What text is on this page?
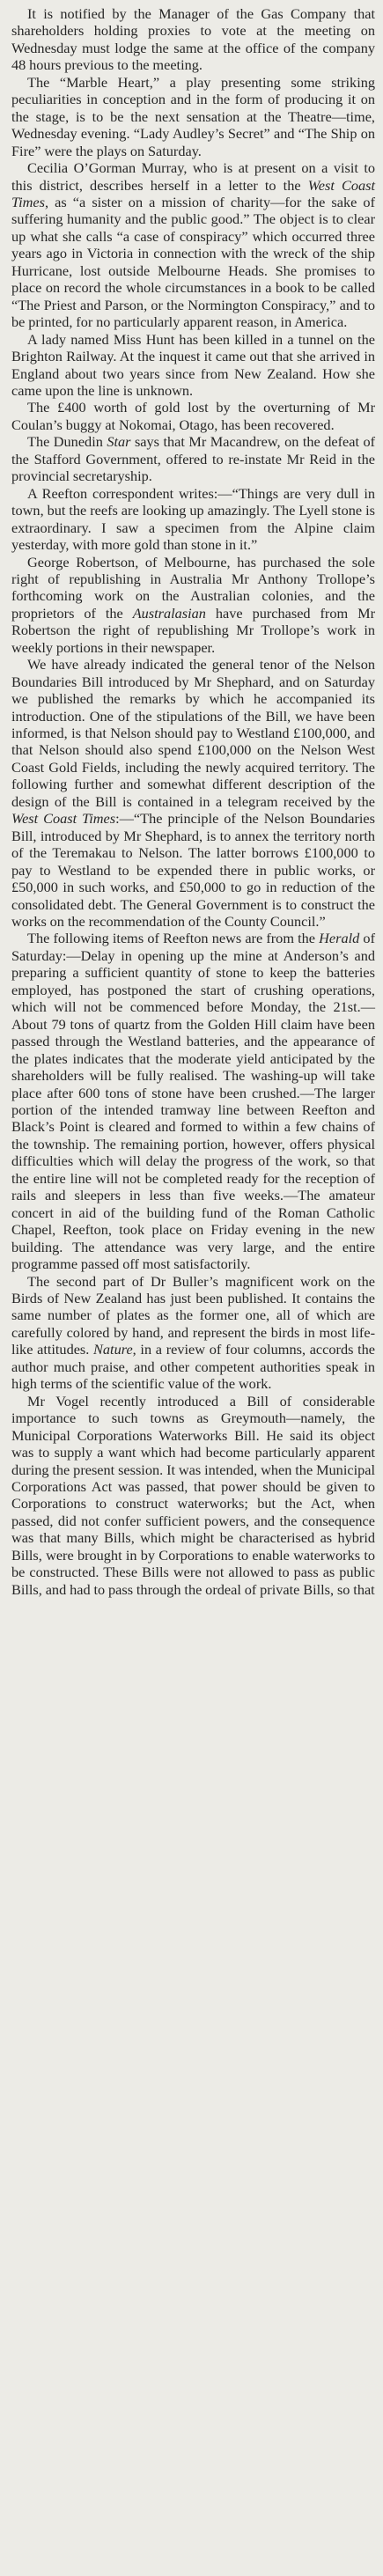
It is notified by the Manager of the Gas Company that shareholders holding proxies to vote at the meeting on Wednesday must lodge the same at the office of the company 48 hours previous to the meeting.

The “Marble Heart,” a play presenting some striking peculiarities in conception and in the form of producing it on the stage, is to be the next sensation at the Theatre—time, Wednesday evening. “Lady Audley’s Secret” and “The Ship on Fire” were the plays on Saturday.

Cecilia O’Gorman Murray, who is at present on a visit to this district, describes herself in a letter to the West Coast Times, as “a sister on a mission of charity—for the sake of suffering humanity and the public good.” The object is to clear up what she calls “a case of conspiracy” which occurred three years ago in Victoria in connection with the wreck of the ship Hurricane, lost outside Melbourne Heads. She promises to place on record the whole circumstances in a book to be called “The Priest and Parson, or the Normington Conspiracy,” and to be printed, for no particularly apparent reason, in America.

A lady named Miss Hunt has been killed in a tunnel on the Brighton Railway. At the inquest it came out that she arrived in England about two years since from New Zealand. How she came upon the line is unknown.

The £400 worth of gold lost by the overturning of Mr Coulan’s buggy at Nokomai, Otago, has been recovered.

The Dunedin Star says that Mr Macandrew, on the defeat of the Stafford Government, offered to re-instate Mr Reid in the provincial secretaryship.

A Reefton correspondent writes:—“Things are very dull in town, but the reefs are looking up amazingly. The Lyell stone is extraordinary. I saw a specimen from the Alpine claim yesterday, with more gold than stone in it.”

George Robertson, of Melbourne, has purchased the sole right of republishing in Australia Mr Anthony Trollope’s forthcoming work on the Australian colonies, and the proprietors of the Australasian have purchased from Mr Robertson the right of republishing Mr Trollope’s work in weekly portions in their newspaper.

We have already indicated the general tenor of the Nelson Boundaries Bill introduced by Mr Shephard, and on Saturday we published the remarks by which he accompanied its introduction. One of the stipulations of the Bill, we have been informed, is that Nelson should pay to Westland £100,000, and that Nelson should also spend £100,000 on the Nelson West Coast Gold Fields, including the newly acquired territory. The following further and somewhat different description of the design of the Bill is contained in a telegram received by the West Coast Times:—“The principle of the Nelson Boundaries Bill, introduced by Mr Shephard, is to annex the territory north of the Teremakau to Nelson. The latter borrows £100,000 to pay to Westland to be expended there in public works, or £50,000 in such works, and £50,000 to go in reduction of the consolidated debt. The General Government is to construct the works on the recommendation of the County Council.”

The following items of Reefton news are from the Herald of Saturday:—Delay in opening up the mine at Anderson’s and preparing a sufficient quantity of stone to keep the batteries employed, has postponed the start of crushing operations, which will not be commenced before Monday, the 21st.—About 79 tons of quartz from the Golden Hill claim have been passed through the Westland batteries, and the appearance of the plates indicates that the moderate yield anticipated by the shareholders will be fully realised. The washing-up will take place after 600 tons of stone have been crushed.—The larger portion of the intended tramway line between Reefton and Black’s Point is cleared and formed to within a few chains of the township. The remaining portion, however, offers physical difficulties which will delay the progress of the work, so that the entire line will not be completed ready for the reception of rails and sleepers in less than five weeks.—The amateur concert in aid of the building fund of the Roman Catholic Chapel, Reefton, took place on Friday evening in the new building. The attendance was very large, and the entire programme passed off most satisfactorily.

The second part of Dr Buller’s magnificent work on the Birds of New Zealand has just been published. It contains the same number of plates as the former one, all of which are carefully colored by hand, and represent the birds in most life-like attitudes. Nature, in a review of four columns, accords the author much praise, and other competent authorities speak in high terms of the scientific value of the work.

Mr Vogel recently introduced a Bill of considerable importance to such towns as Greymouth—namely, the Municipal Corporations Waterworks Bill. He said its object was to supply a want which had become particularly apparent during the present session. It was intended, when the Municipal Corporations Act was passed, that power should be given to Corporations to construct waterworks; but the Act, when passed, did not confer sufficient powers, and the consequence was that many Bills, which might be characterised as hybrid Bills, were brought in by Corporations to enable waterworks to be constructed. These Bills were not allowed to pass as public Bills, and had to pass through the ordeal of private Bills, so that
